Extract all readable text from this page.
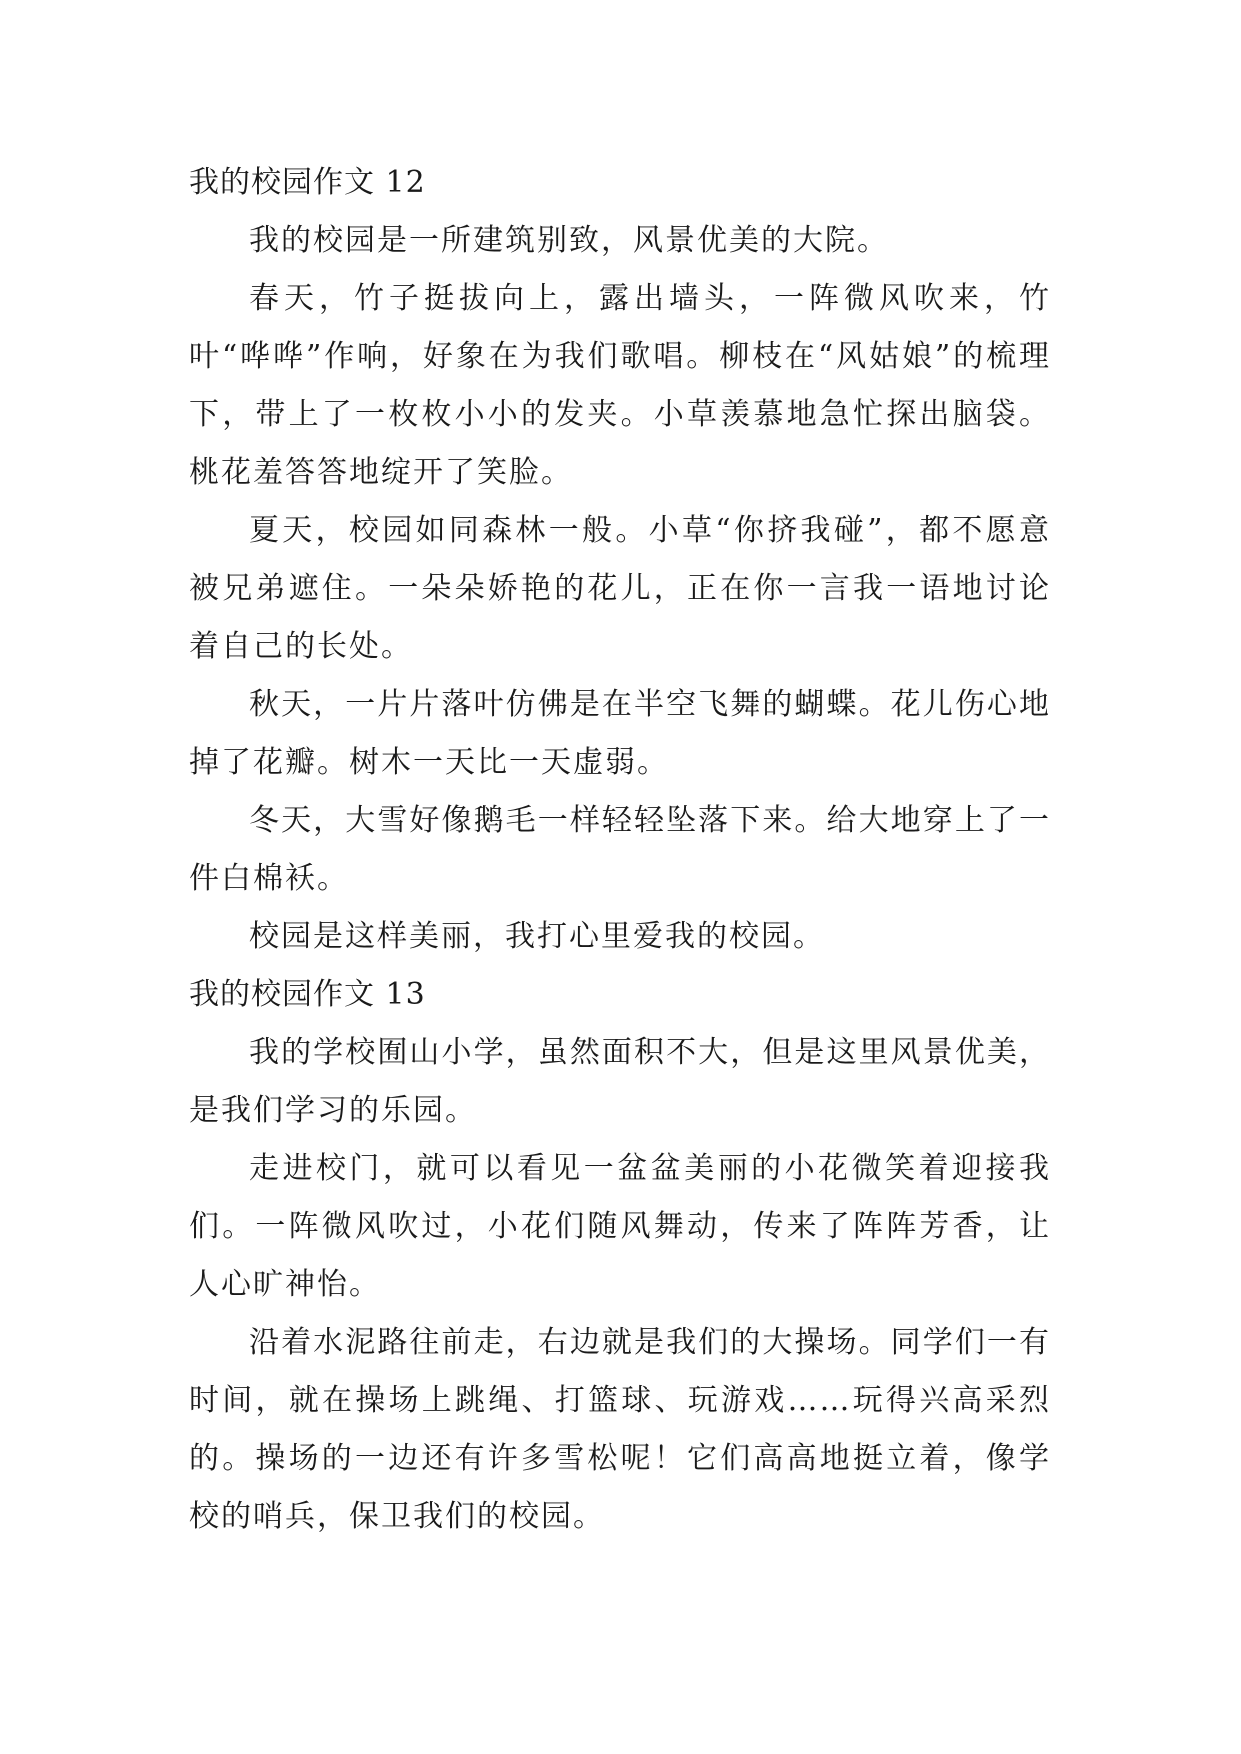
我的校园作文 12

我的校园是一所建筑别致，风景优美的大院。

春天，竹子挺拔向上，露出墙头，一阵微风吹来，竹叶“哗哗”作响，好象在为我们歌唱。柳枝在“风姑娘”的梳理下，带上了一枚枚小小的发夹。小草羡慕地急忙探出脑袋。桃花羞答答地绽开了笑脸。

夏天，校园如同森林一般。小草“你挤我碰”，都不愿意被兄弟遮住。一朵朵娇艳的花儿，正在你一言我一语地讨论着自己的长处。

秋天，一片片落叶仿佛是在半空飞舞的蝴蝶。花儿伤心地掉了花瓣。树木一天比一天虚弱。

冬天，大雪好像鹅毛一样轻轻坠落下来。给大地穿上了一件白棉袄。

校园是这样美丽，我打心里爱我的校园。

我的校园作文 13

我的学校囿山小学，虽然面积不大，但是这里风景优美，是我们学习的乐园。

走进校门，就可以看见一盆盆美丽的小花微笑着迎接我们。一阵微风吹过，小花们随风舞动，传来了阵阵芳香，让人心旷神怡。

沿着水泥路往前走，右边就是我们的大操场。同学们一有时间，就在操场上跳绳、打篮球、玩游戏……玩得兴高采烈的。操场的一边还有许多雪松呢！它们高高地挺立着，像学校的哨兵，保卫我们的校园。
